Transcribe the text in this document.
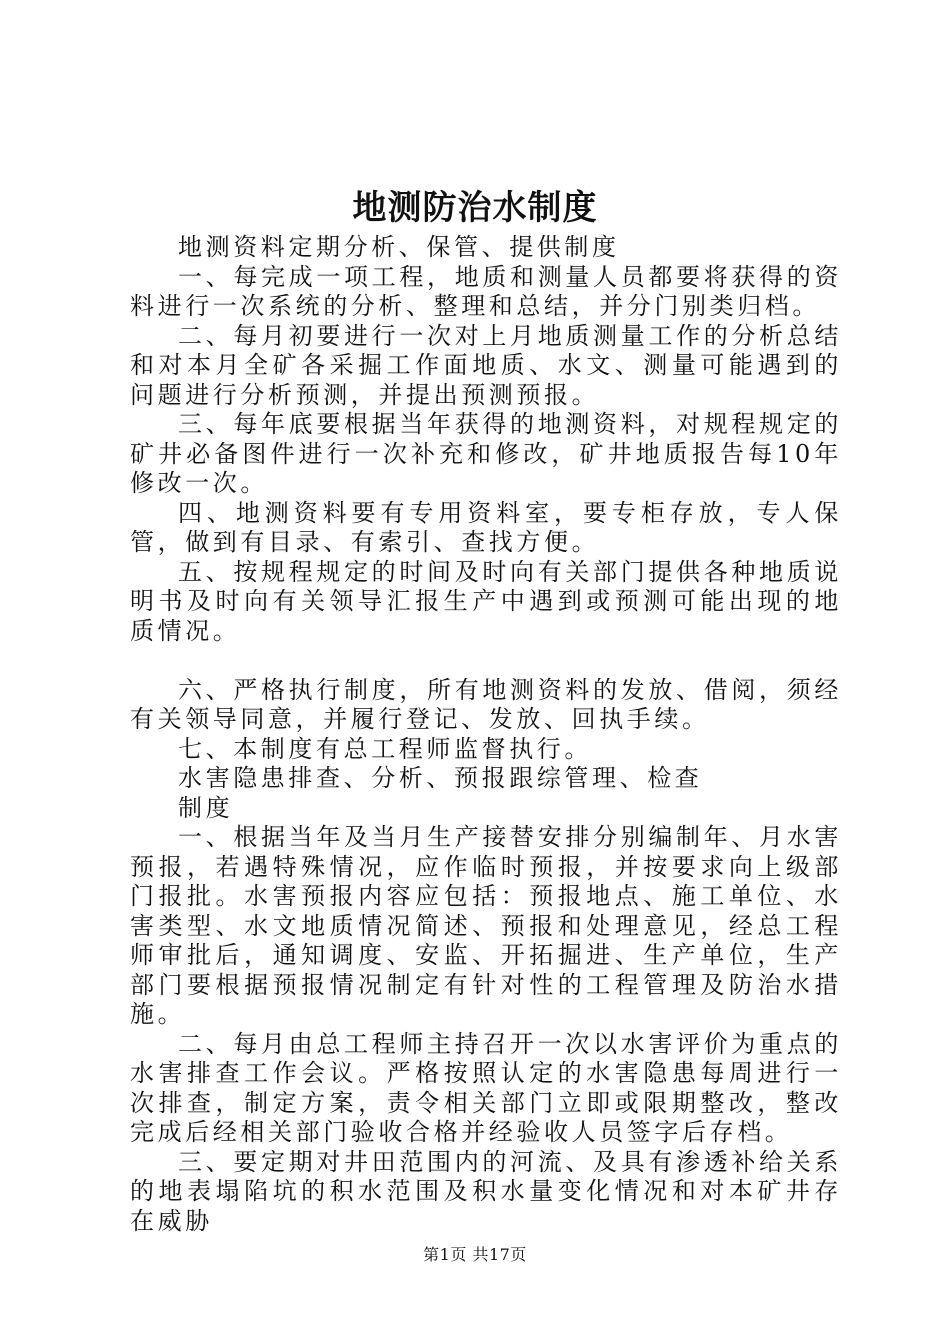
地测防治水制度

地测资料定期分析、保管、提供制度

一、每完成一项工程，地质和测量人员都要将获得的资料进行一次系统的分析、整理和总结，并分门别类归档。

二、每月初要进行一次对上月地质测量工作的分析总结和对本月全矿各采掘工作面地质、水文、测量可能遇到的问题进行分析预测，并提出预测预报。

三、每年底要根据当年获得的地测资料，对规程规定的矿井必备图件进行一次补充和修改，矿井地质报告每10年修改一次。

四、地测资料要有专用资料室，要专柜存放，专人保管，做到有目录、有索引、查找方便。

五、按规程规定的时间及时向有关部门提供各种地质说明书及时向有关领导汇报生产中遇到或预测可能出现的地质情况。

六、严格执行制度，所有地测资料的发放、借阅，须经有关领导同意，并履行登记、发放、回执手续。

七、本制度有总工程师监督执行。

水害隐患排查、分析、预报跟综管理、检查

制度

一、根据当年及当月生产接替安排分别编制年、月水害预报，若遇特殊情况，应作临时预报，并按要求向上级部门报批。水害预报内容应包括：预报地点、施工单位、水害类型、水文地质情况简述、预报和处理意见，经总工程师审批后，通知调度、安监、开拓掘进、生产单位，生产部门要根据预报情况制定有针对性的工程管理及防治水措施。

二、每月由总工程师主持召开一次以水害评价为重点的水害排查工作会议。严格按照认定的水害隐患每周进行一次排查，制定方案，责令相关部门立即或限期整改，整改完成后经相关部门验收合格并经验收人员签字后存档。

三、要定期对井田范围内的河流、及具有渗透补给关系的地表塌陷坑的积水范围及积水量变化情况和对本矿井存在威胁

第1页 共17页
